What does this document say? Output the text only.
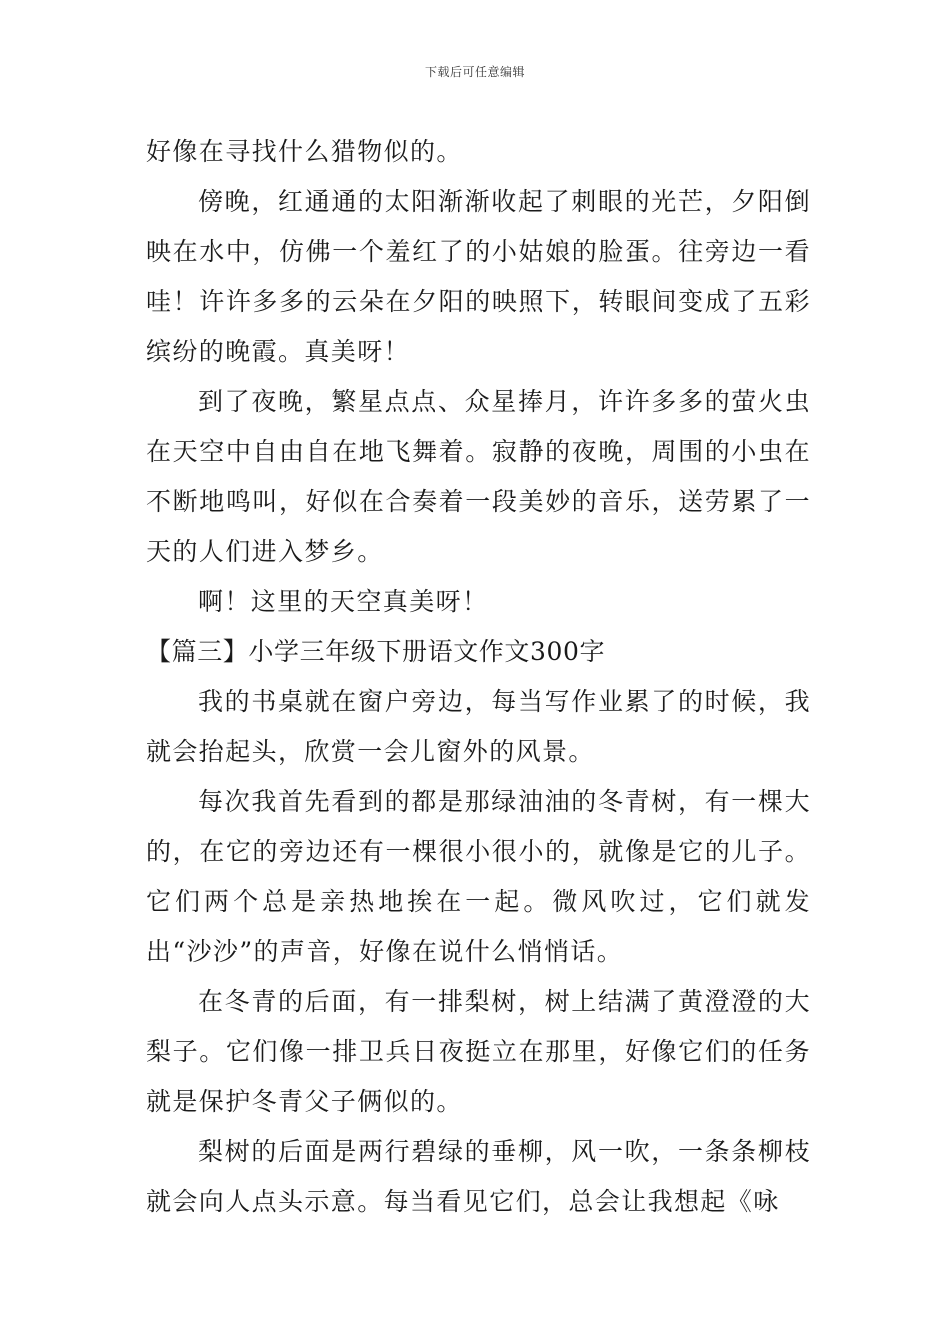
下载后可任意编辑

好像在寻找什么猎物似的。

傍晚，红通通的太阳渐渐收起了刺眼的光芒，夕阳倒映在水中，仿佛一个羞红了的小姑娘的脸蛋。往旁边一看哇！许许多多的云朵在夕阳的映照下，转眼间变成了五彩缤纷的晚霞。真美呀！

到了夜晚，繁星点点、众星捧月，许许多多的萤火虫在天空中自由自在地飞舞着。寂静的夜晚，周围的小虫在不断地鸣叫，好似在合奏着一段美妙的音乐，送劳累了一天的人们进入梦乡。

啊！这里的天空真美呀！

【篇三】小学三年级下册语文作文300字

我的书桌就在窗户旁边，每当写作业累了的时候，我就会抬起头，欣赏一会儿窗外的风景。

每次我首先看到的都是那绿油油的冬青树，有一棵大的，在它的旁边还有一棵很小很小的，就像是它的儿子。它们两个总是亲热地挨在一起。微风吹过，它们就发出“沙沙”的声音，好像在说什么悄悄话。

在冬青的后面，有一排梨树，树上结满了黄澄澄的大梨子。它们像一排卫兵日夜挺立在那里，好像它们的任务就是保护冬青父子俩似的。

梨树的后面是两行碧绿的垂柳，风一吹，一条条柳枝就会向人点头示意。每当看见它们，总会让我想起《咏
